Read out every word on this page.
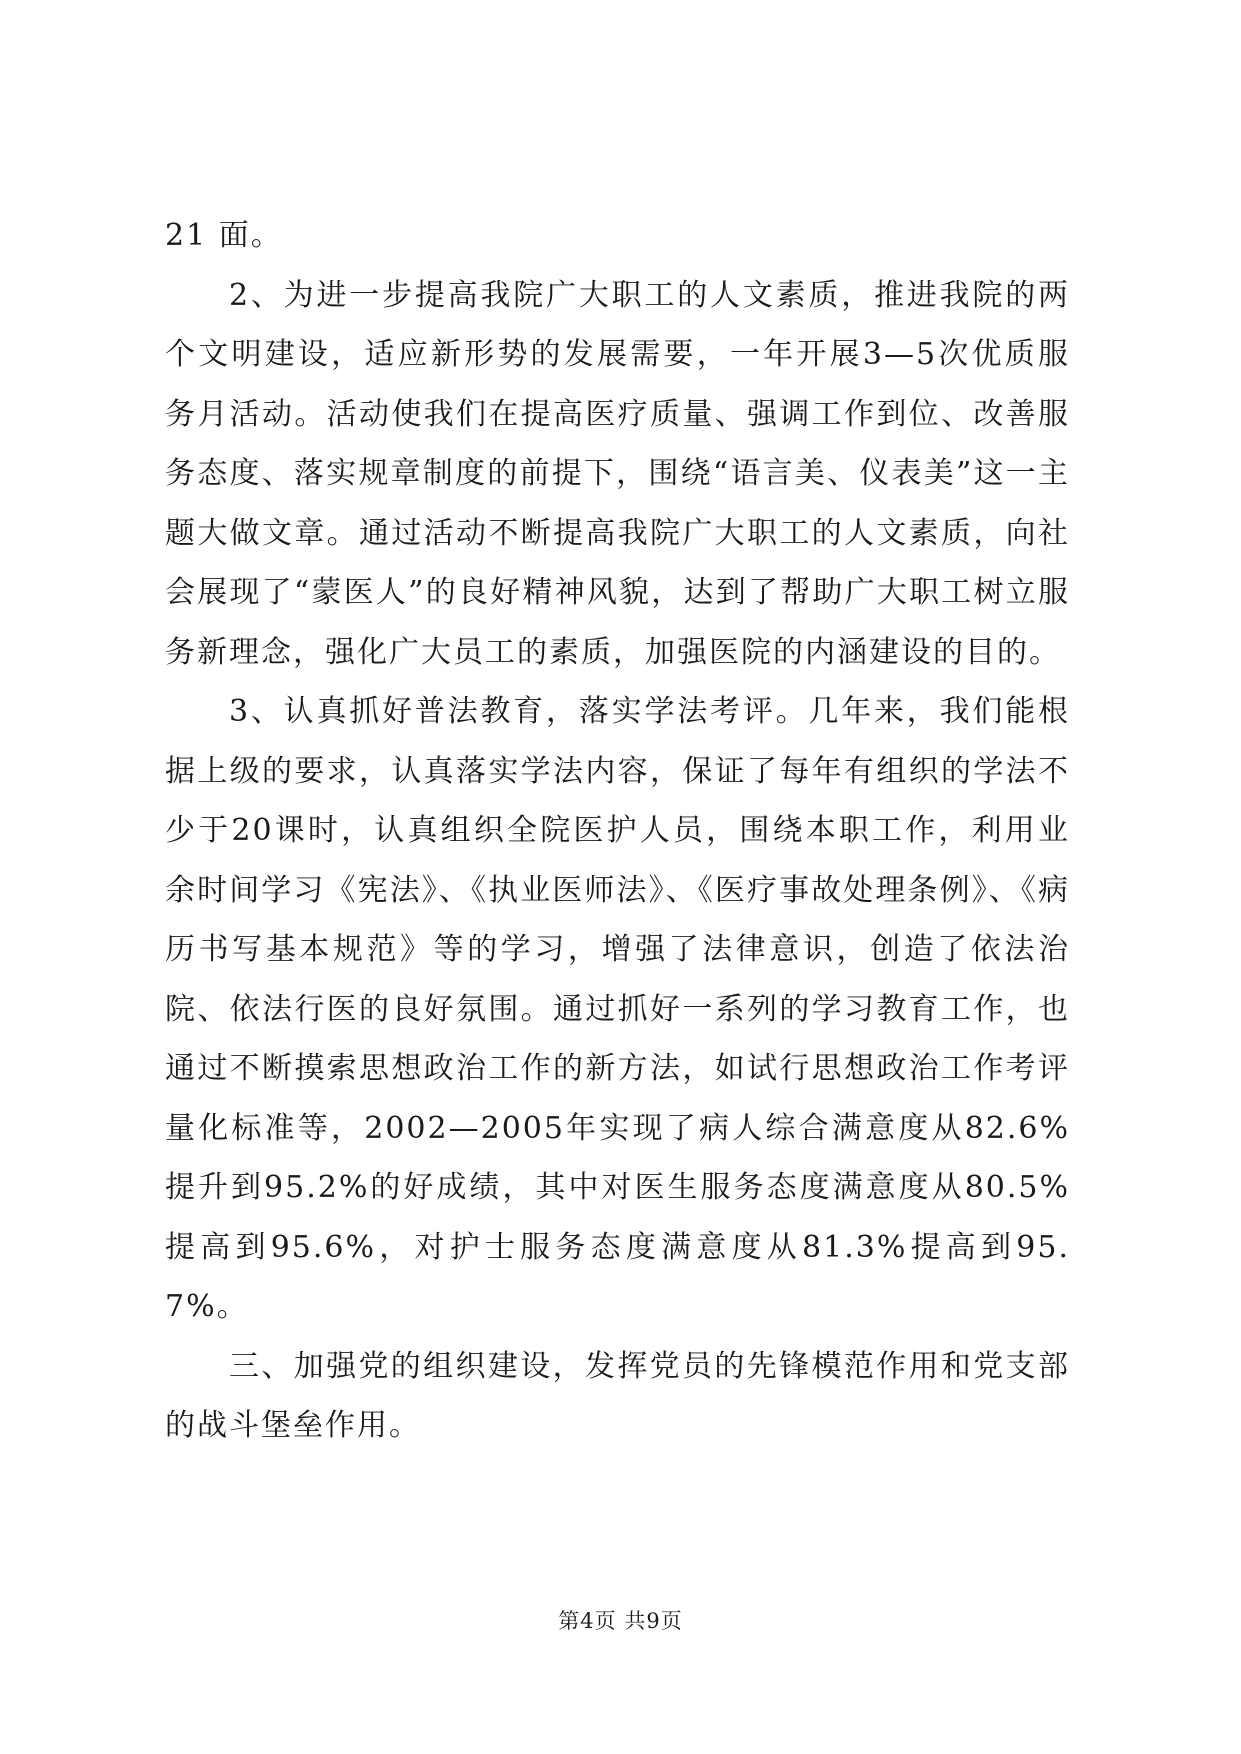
21 面。

2、为进一步提高我院广大职工的人文素质，推进我院的两个文明建设，适应新形势的发展需要，一年开展3—5次优质服务月活动。活动使我们在提高医疗质量、强调工作到位、改善服务态度、落实规章制度的前提下，围绕“语言美、仪表美”这一主题大做文章。通过活动不断提高我院广大职工的人文素质，向社会展现了“蒙医人”的良好精神风貌，达到了帮助广大职工树立服务新理念，强化广大员工的素质，加强医院的内涵建设的目的。

3、认真抓好普法教育，落实学法考评。几年来，我们能根据上级的要求，认真落实学法内容，保证了每年有组织的学法不少于20课时，认真组织全院医护人员，围绕本职工作，利用业余时间学习《宪法》、《执业医师法》、《医疗事故处理条例》、《病历书写基本规范》等的学习，增强了法律意识，创造了依法治院、依法行医的良好氛围。通过抓好一系列的学习教育工作，也通过不断摸索思想政治工作的新方法，如试行思想政治工作考评量化标准等，2002—2005年实现了病人综合满意度从82.6%提升到95.2%的好成绩，其中对医生服务态度满意度从80.5%提高到95.6%，对护士服务态度满意度从81.3%提高到95.7%。

三、加强党的组织建设，发挥党员的先锋模范作用和党支部的战斗堡垒作用。

第4页 共9页
